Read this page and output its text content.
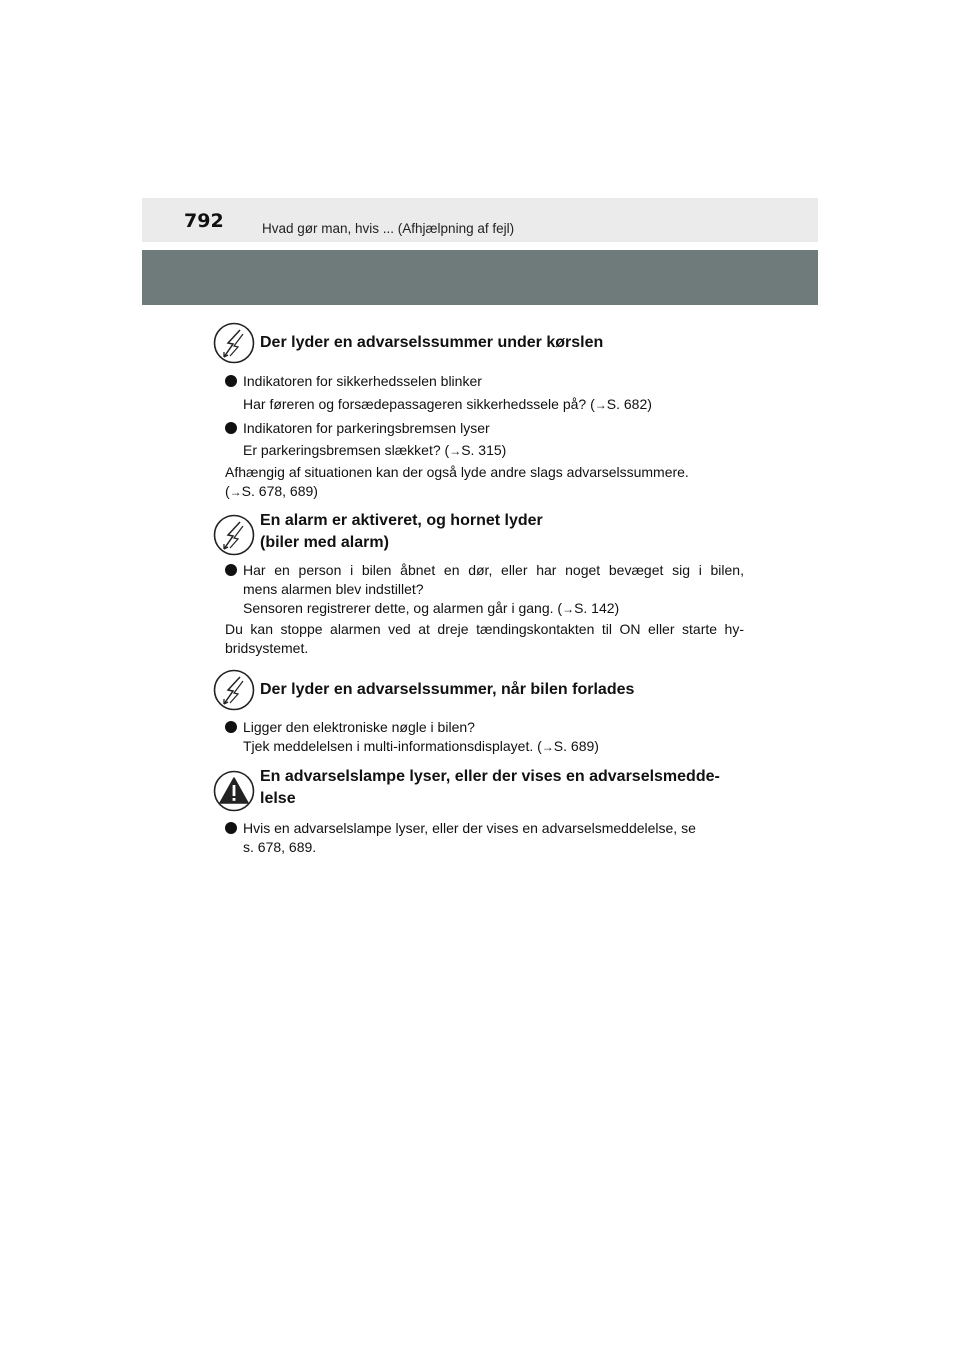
792	Hvad gør man, hvis ... (Afhjælpning af fejl)
Der lyder en advarselssummer under kørslen
Indikatoren for sikkerhedsselen blinker
Har føreren og forsædepassageren sikkerhedssele på? (→S. 682)
Indikatoren for parkeringsbremsen lyser
Er parkeringsbremsen slækket? (→S. 315)
Afhængig af situationen kan der også lyde andre slags advarselssummere.
(→S. 678, 689)
En alarm er aktiveret, og hornet lyder
(biler med alarm)
Har en person i bilen åbnet en dør, eller har noget bevæget sig i bilen,
mens alarmen blev indstillet?
Sensoren registrerer dette, og alarmen går i gang. (→S. 142)
Du kan stoppe alarmen ved at dreje tændingskontakten til ON eller starte hy-
bridsystemet.
Der lyder en advarselssummer, når bilen forlades
Ligger den elektroniske nøgle i bilen?
Tjek meddelelsen i multi-informationsdisplayet. (→S. 689)
En advarselslampe lyser, eller der vises en advarselsmedde-
lelse
Hvis en advarselslampe lyser, eller der vises en advarselsmeddelelse, se
s. 678, 689.
